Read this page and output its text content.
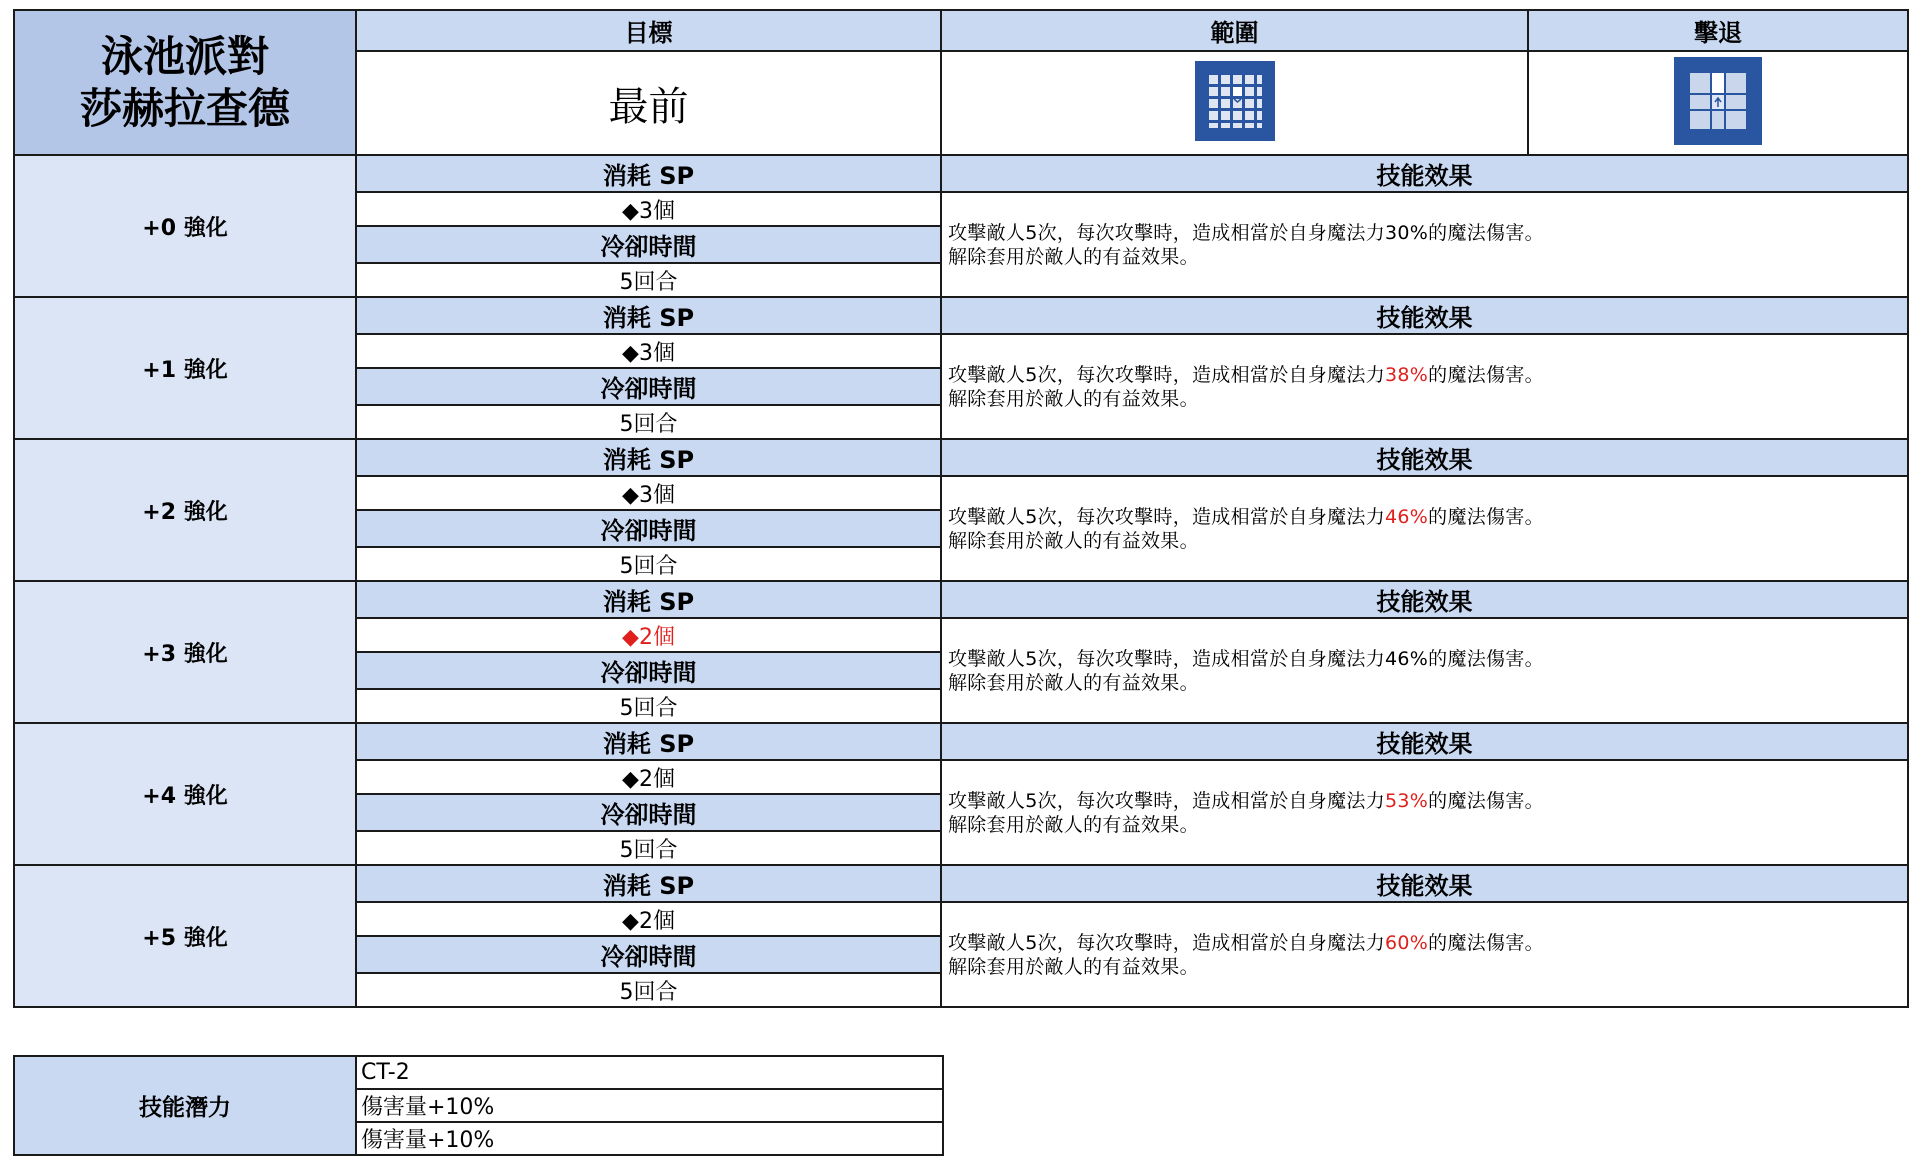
泳池派對
莎赫拉查德	目標	範圍	擊退
	最前		
+0 強化	消耗 SP	技能效果	
	◆3個	攻擊敵人5次，每次攻擊時，造成相當於自身魔法力30%的魔法傷害。
解除套用於敵人的有益效果。	

	冷卻時間		
	5回合		
+1 強化	消耗 SP	技能效果	
	◆3個	攻擊敵人5次，每次攻擊時，造成相當於自身魔法力38%的魔法傷害。
解除套用於敵人的有益效果。	

	冷卻時間		
	5回合		
+2 強化	消耗 SP	技能效果	
	◆3個	攻擊敵人5次，每次攻擊時，造成相當於自身魔法力46%的魔法傷害。
解除套用於敵人的有益效果。	

	冷卻時間		
	5回合		
+3 強化	消耗 SP	技能效果	
	◆2個	攻擊敵人5次，每次攻擊時，造成相當於自身魔法力46%的魔法傷害。
解除套用於敵人的有益效果。	

	冷卻時間		
	5回合		
+4 強化	消耗 SP	技能效果	
	◆2個	攻擊敵人5次，每次攻擊時，造成相當於自身魔法力53%的魔法傷害。
解除套用於敵人的有益效果。	

	冷卻時間		
	5回合		
+5 強化	消耗 SP	技能效果	
	◆2個	攻擊敵人5次，每次攻擊時，造成相當於自身魔法力60%的魔法傷害。
解除套用於敵人的有益效果。	

	冷卻時間		
	5回合		
技能潛力	CT-2
傷害量+10%
傷害量+10%
